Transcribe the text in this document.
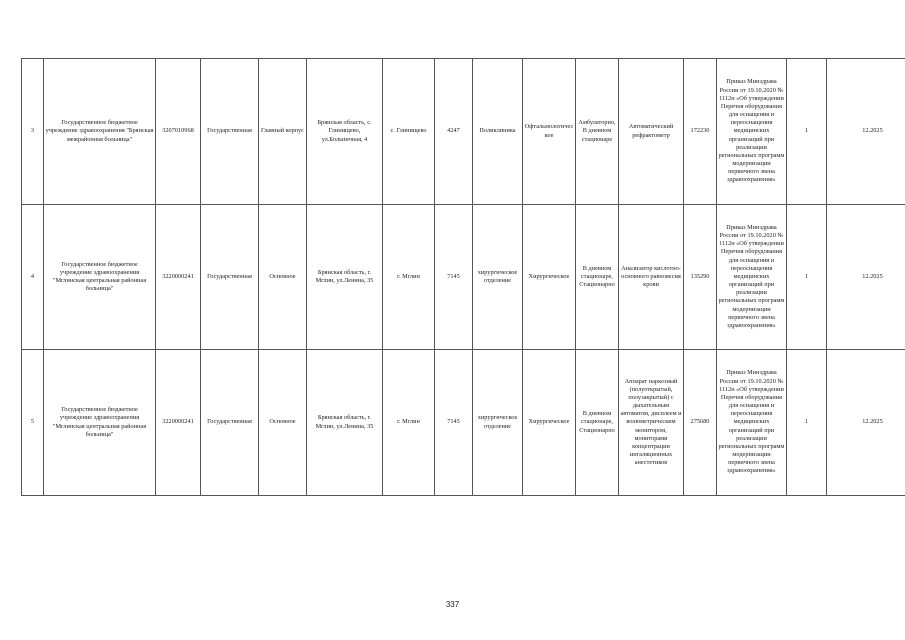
3	Государственное бюджетное учреждение здравоохранения "Брянская межрайонная больница"	3207010968	Государственная	Главный корпус	Брянская область, с. Глинищево, ул.Больничная, 4	с. Глинищево	4247	Поликлиника	Офтальмологическое	Амбулаторно, В дневном стационаре	Автоматический рефрактометр	172230	Приказ Минздрава России от 19.10.2020 № 1112н «Об утверждении Перечня оборудования для оснащения и переоснащения медицинских организаций при реализации региональных программ модернизации первичного звена здравоохранения»	1	12.2025
4	Государственное бюджетное учреждение здравоохранения "Мглинская центральная районная больница"	3220000241	Государственная	Основное	Брянская область, г. Мглин, ул.Ленина, 35	г. Мглин	7145	хирургическое отделение	Хирургическое	В дневном стационаре, Стационарно	Анализатор кислотно-основного равновесия крови	135290	Приказ Минздрава России от 19.10.2020 № 1112н «Об утверждении Перечня оборудования для оснащения и переоснащения медицинских организаций при реализации региональных программ модернизации первичного звена здравоохранения»	1	12.2025
5	Государственное бюджетное учреждение здравоохранения "Мглинская центральная районная больница"	3220000241	Государственная	Основное	Брянская область, г. Мглин, ул.Ленина, 35	г. Мглин	7145	хирургическое отделение	Хирургическое	В дневном стационаре, Стационарно	Аппарат наркозный (полуоткрытый, полузакрытый) с дыхательным автоматом, дисплеем и волюметрическим монитором, мониторами концентрации ингаляционных анестетиков	275680	Приказ Минздрава России от 19.10.2020 № 1112н «Об утверждении Перечня оборудования для оснащения и переоснащения медицинских организаций при реализации региональных программ модернизации первичного звена здравоохранения»	1	12.2025
337
